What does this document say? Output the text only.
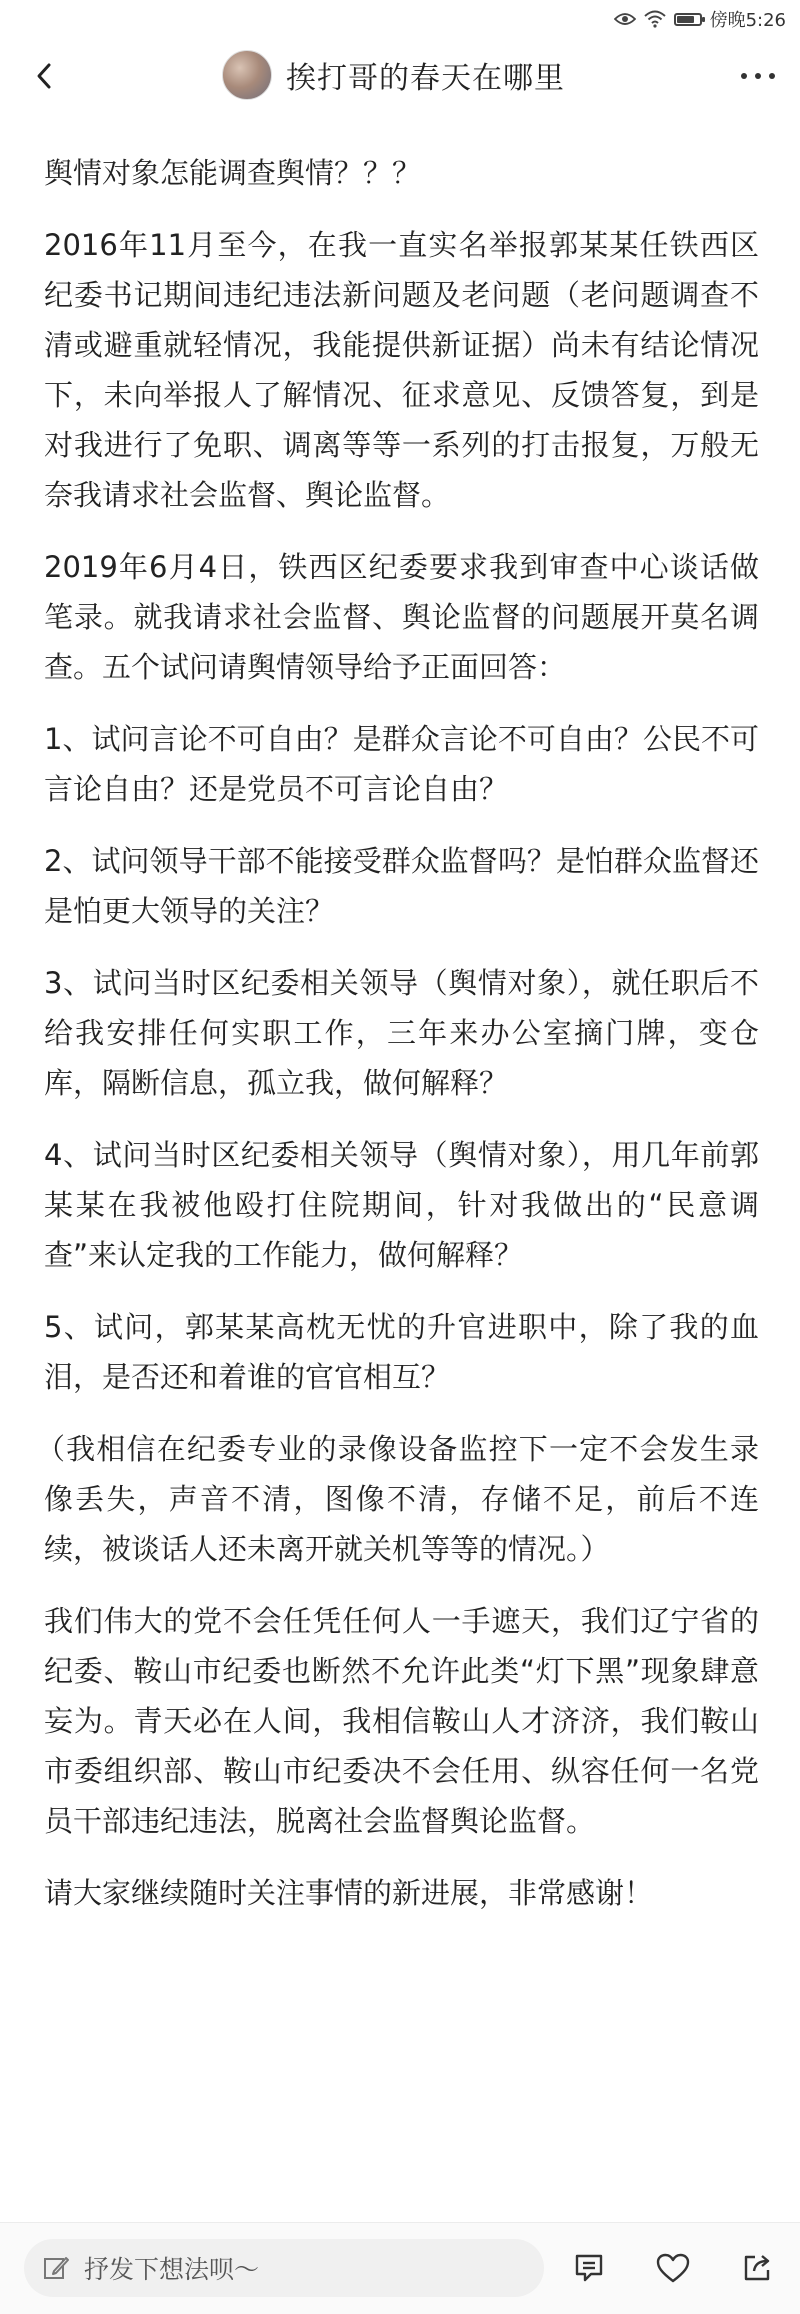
傍晚5:26
挨打哥的春天在哪里

舆情对象怎能调查舆情？？？

2016年11月至今，在我一直实名举报郭某某任铁西区纪委书记期间违纪违法新问题及老问题（老问题调查不清或避重就轻情况，我能提供新证据）尚未有结论情况下，未向举报人了解情况、征求意见、反馈答复，到是对我进行了免职、调离等等一系列的打击报复，万般无奈我请求社会监督、舆论监督。

2019年6月4日，铁西区纪委要求我到审查中心谈话做笔录。就我请求社会监督、舆论监督的问题展开莫名调查。五个试问请舆情领导给予正面回答：

1、试问言论不可自由？是群众言论不可自由？公民不可言论自由？还是党员不可言论自由？

2、试问领导干部不能接受群众监督吗？是怕群众监督还是怕更大领导的关注？

3、试问当时区纪委相关领导（舆情对象），就任职后不给我安排任何实职工作，三年来办公室摘门牌，变仓库，隔断信息，孤立我，做何解释？

4、试问当时区纪委相关领导（舆情对象），用几年前郭某某在我被他殴打住院期间，针对我做出的“民意调查”来认定我的工作能力，做何解释？

5、试问，郭某某高枕无忧的升官进职中，除了我的血泪，是否还和着谁的官官相互？

（我相信在纪委专业的录像设备监控下一定不会发生录像丢失，声音不清，图像不清，存储不足，前后不连续，被谈话人还未离开就关机等等的情况。）

我们伟大的党不会任凭任何人一手遮天，我们辽宁省的纪委、鞍山市纪委也断然不允许此类“灯下黑”现象肆意妄为。青天必在人间，我相信鞍山人才济济，我们鞍山市委组织部、鞍山市纪委决不会任用、纵容任何一名党员干部违纪违法，脱离社会监督舆论监督。

请大家继续随时关注事情的新进展，非常感谢！

抒发下想法呗～
